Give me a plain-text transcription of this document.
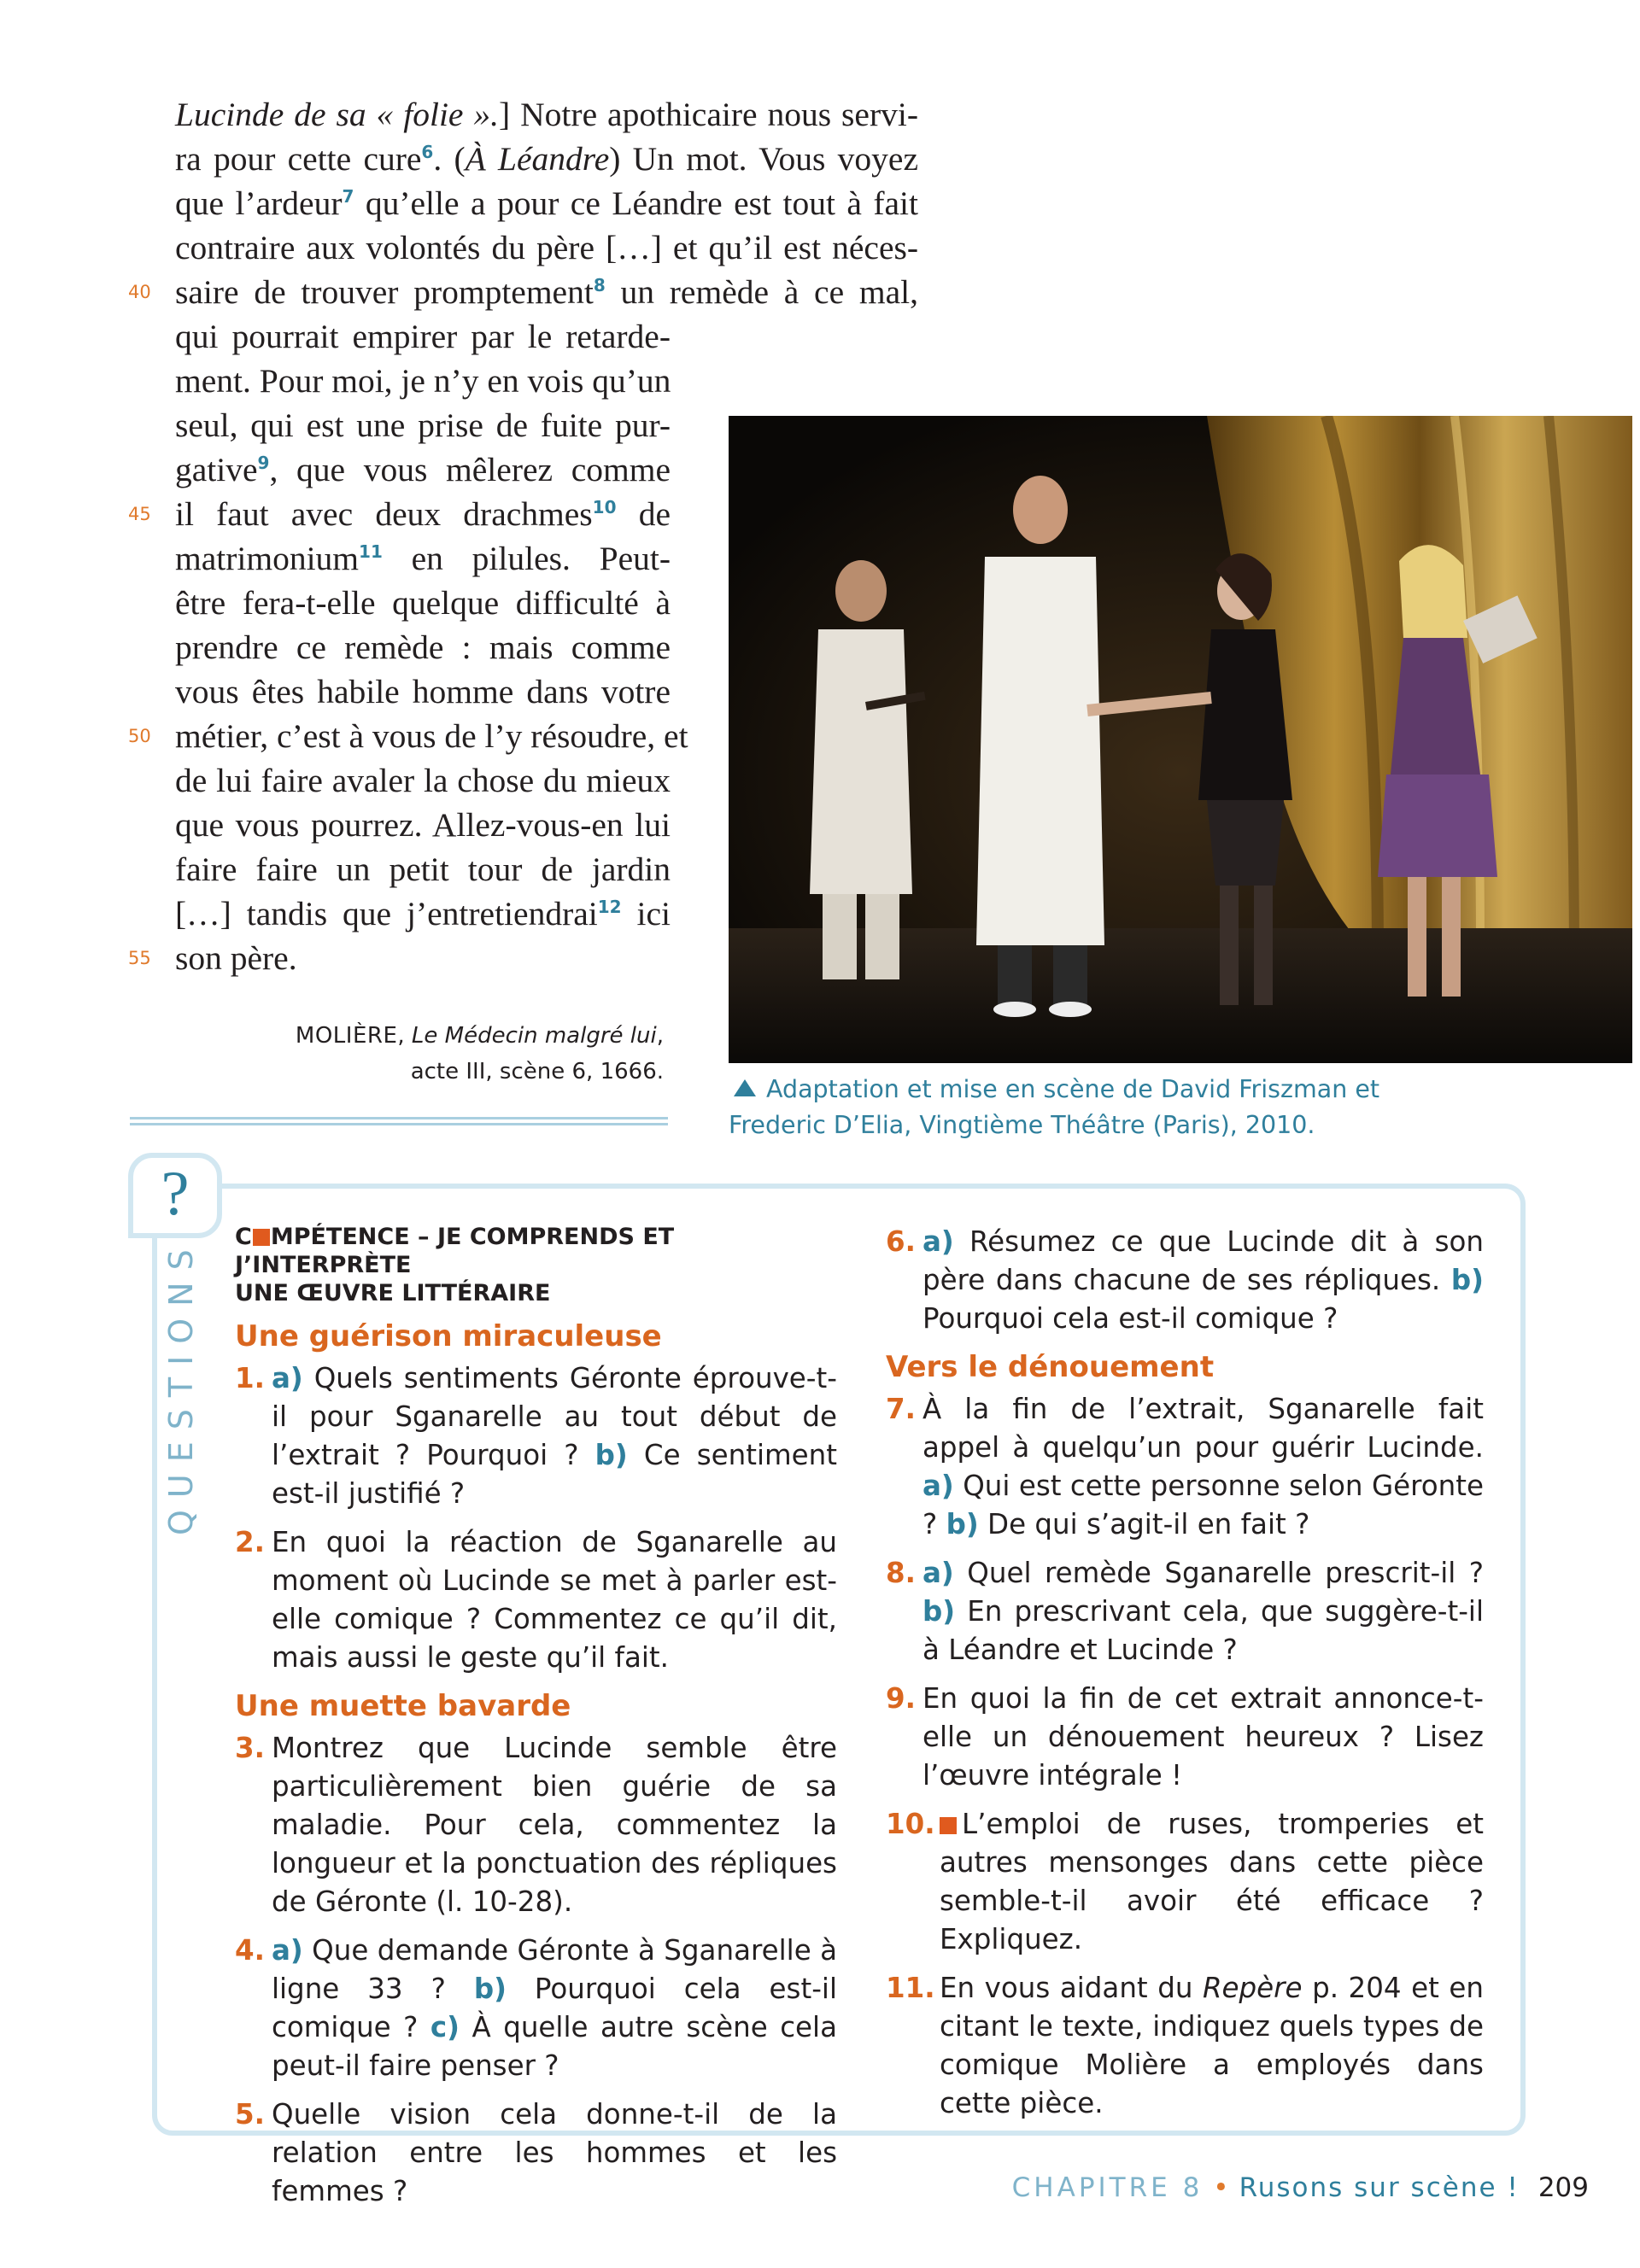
Lucinde de sa « folie ».] Notre apothicaire nous servi-
ra pour cette cure$^6$. (À Léandre) Un mot. Vous voyez
que l’ardeur$^7$ qu’elle a pour ce Léandre est tout à fait
contraire aux volontés du père […] et qu’il est néces-
40 saire de trouver promptement$^8$ un remède à ce mal,
qui pourrait empirer par le retarde-
ment. Pour moi, je n’y en vois qu’un
seul, qui est une prise de fuite pur-
gative$^9$, que vous mêlerez comme
45 il faut avec deux drachmes$^{10}$ de
matrimonium$^{11}$ en pilules. Peut-
être fera-t-elle quelque difficulté à
prendre ce remède : mais comme
vous êtes habile homme dans votre
50 métier, c’est à vous de l’y résoudre, et
de lui faire avaler la chose du mieux
que vous pourrez. Allez-vous-en lui
faire faire un petit tour de jardin
[…] tandis que j’entretiendrai$^{12}$ ici
55 son père.
MOLIÈRE, Le Médecin malgré lui,
acte III, scène 6, 1666.
Adaptation et mise en scène de David Friszman et
Frederic D’Elia, Vingtième Théâtre (Paris), 2010.
?
QUESTIONS
C MPÉTENCE – JE COMPRENDS ET J’INTERPRÈTE
UNE ŒUVRE LITTÉRAIRE
Une guérison miraculeuse
1. a) Quels sentiments Géronte éprouve-t-il pour Sganarelle au tout début de l’extrait ? Pourquoi ? b) Ce sentiment est-il justifié ?
2. En quoi la réaction de Sganarelle au moment où Lucinde se met à parler est-elle comique ? Commentez ce qu’il dit, mais aussi le geste qu’il fait.
Une muette bavarde
3. Montrez que Lucinde semble être particulièrement bien guérie de sa maladie. Pour cela, commentez la longueur et la ponctuation des répliques de Géronte (l. 10-28).
4. a) Que demande Géronte à Sganarelle à ligne 33 ? b) Pourquoi cela est-il comique ? c) À quelle autre scène cela peut-il faire penser ?
5. Quelle vision cela donne-t-il de la relation entre les hommes et les femmes ?
6. a) Résumez ce que Lucinde dit à son père dans chacune de ses répliques. b) Pourquoi cela est-il comique ?
Vers le dénouement
7. À la fin de l’extrait, Sganarelle fait appel à quelqu’un pour guérir Lucinde. a) Qui est cette personne selon Géronte ? b) De qui s’agit-il en fait ?
8. a) Quel remède Sganarelle prescrit-il ? b) En prescrivant cela, que suggère-t-il à Léandre et Lucinde ?
9. En quoi la fin de cet extrait annonce-t-elle un dénouement heureux ? Lisez l’œuvre intégrale !
10. L’emploi de ruses, tromperies et autres mensonges dans cette pièce semble-t-il avoir été efficace ? Expliquez.
11. En vous aidant du Repère p. 204 et en citant le texte, indiquez quels types de comique Molière a employés dans cette pièce.
CHAPITRE 8 • Rusons sur scène ! 209
